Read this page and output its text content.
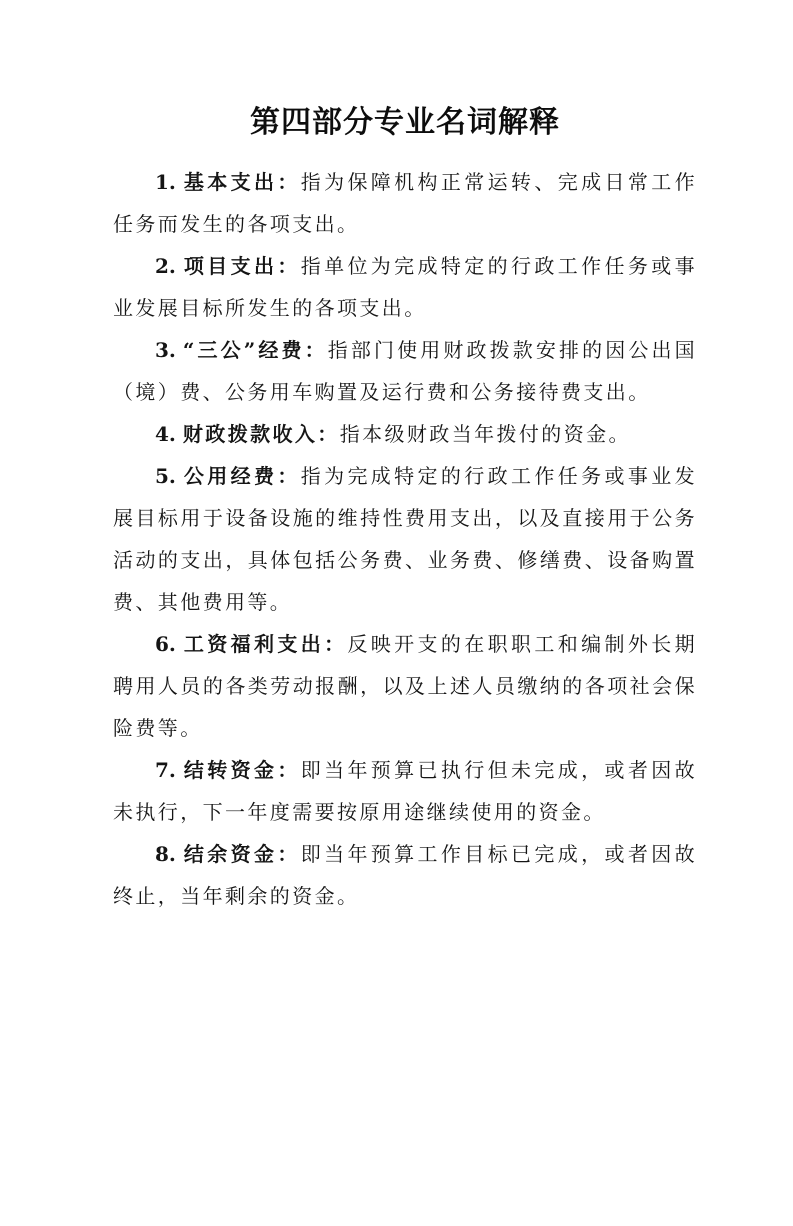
第四部分专业名词解释

1. 基本支出：指为保障机构正常运转、完成日常工作任务而发生的各项支出。

2. 项目支出：指单位为完成特定的行政工作任务或事业发展目标所发生的各项支出。

3. “三公”经费：指部门使用财政拨款安排的因公出国（境）费、公务用车购置及运行费和公务接待费支出。

4. 财政拨款收入：指本级财政当年拨付的资金。

5. 公用经费：指为完成特定的行政工作任务或事业发展目标用于设备设施的维持性费用支出，以及直接用于公务活动的支出，具体包括公务费、业务费、修缮费、设备购置费、其他费用等。

6. 工资福利支出：反映开支的在职职工和编制外长期聘用人员的各类劳动报酬，以及上述人员缴纳的各项社会保险费等。

7. 结转资金：即当年预算已执行但未完成，或者因故未执行，下一年度需要按原用途继续使用的资金。

8. 结余资金：即当年预算工作目标已完成，或者因故终止，当年剩余的资金。
